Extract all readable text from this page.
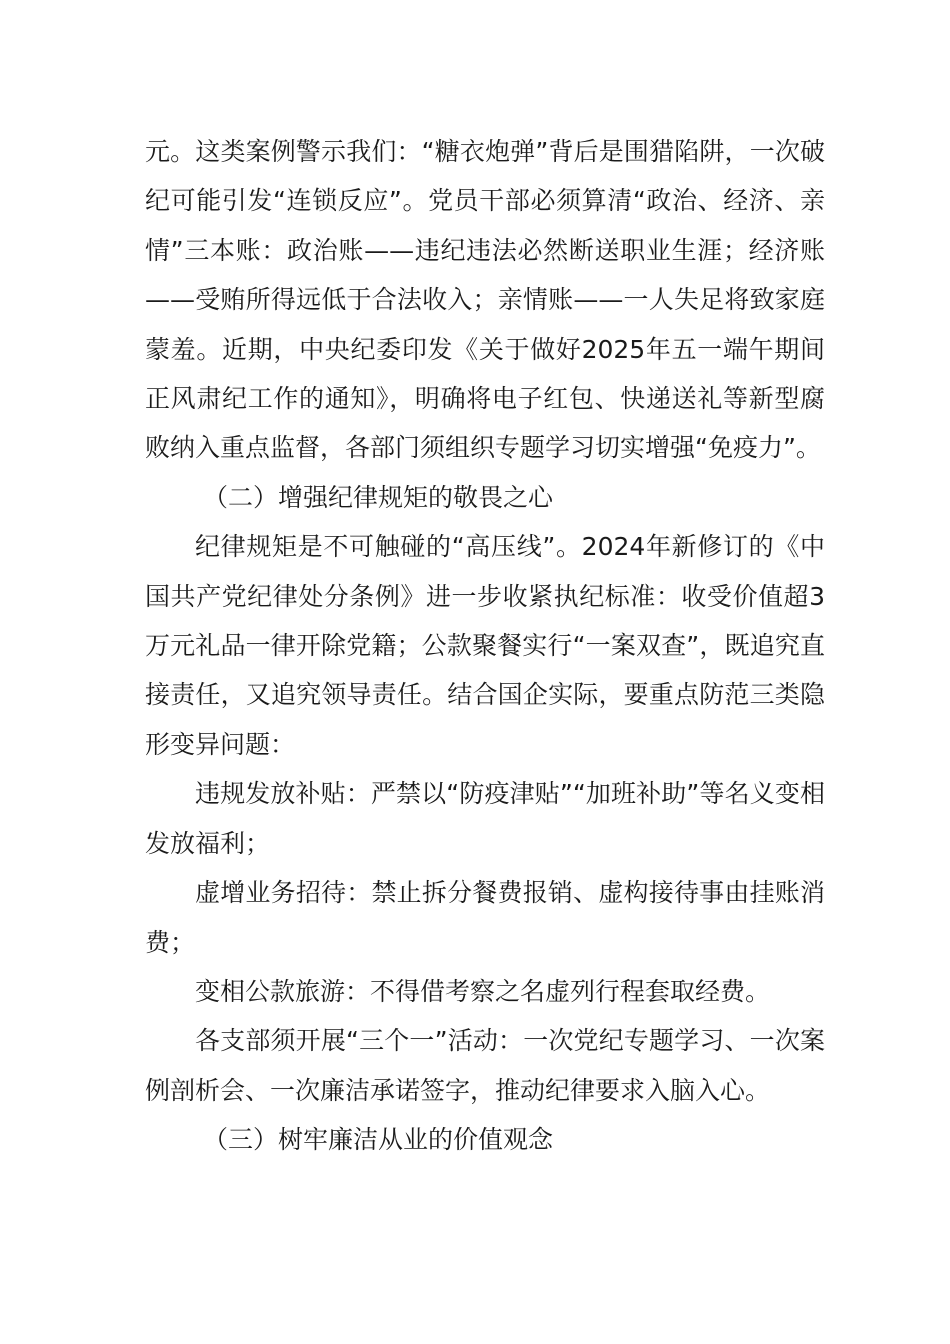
元。这类案例警示我们：“糖衣炮弹”背后是围猎陷阱，一次破纪可能引发“连锁反应”。党员干部必须算清“政治、经济、亲情”三本账：政治账——违纪违法必然断送职业生涯；经济账——受贿所得远低于合法收入；亲情账——一人失足将致家庭蒙羞。近期，中央纪委印发《关于做好2025年五一端午期间正风肃纪工作的通知》，明确将电子红包、快递送礼等新型腐败纳入重点监督，各部门须组织专题学习切实增强“免疫力”。

（二）增强纪律规矩的敬畏之心

纪律规矩是不可触碰的“高压线”。2024年新修订的《中国共产党纪律处分条例》进一步收紧执纪标准：收受价值超3万元礼品一律开除党籍；公款聚餐实行“一案双查”，既追究直接责任，又追究领导责任。结合国企实际，要重点防范三类隐形变异问题：

违规发放补贴：严禁以“防疫津贴”“加班补助”等名义变相发放福利；

虚增业务招待：禁止拆分餐费报销、虚构接待事由挂账消费；

变相公款旅游：不得借考察之名虚列行程套取经费。

各支部须开展“三个一”活动：一次党纪专题学习、一次案例剖析会、一次廉洁承诺签字，推动纪律要求入脑入心。

（三）树牢廉洁从业的价值观念
